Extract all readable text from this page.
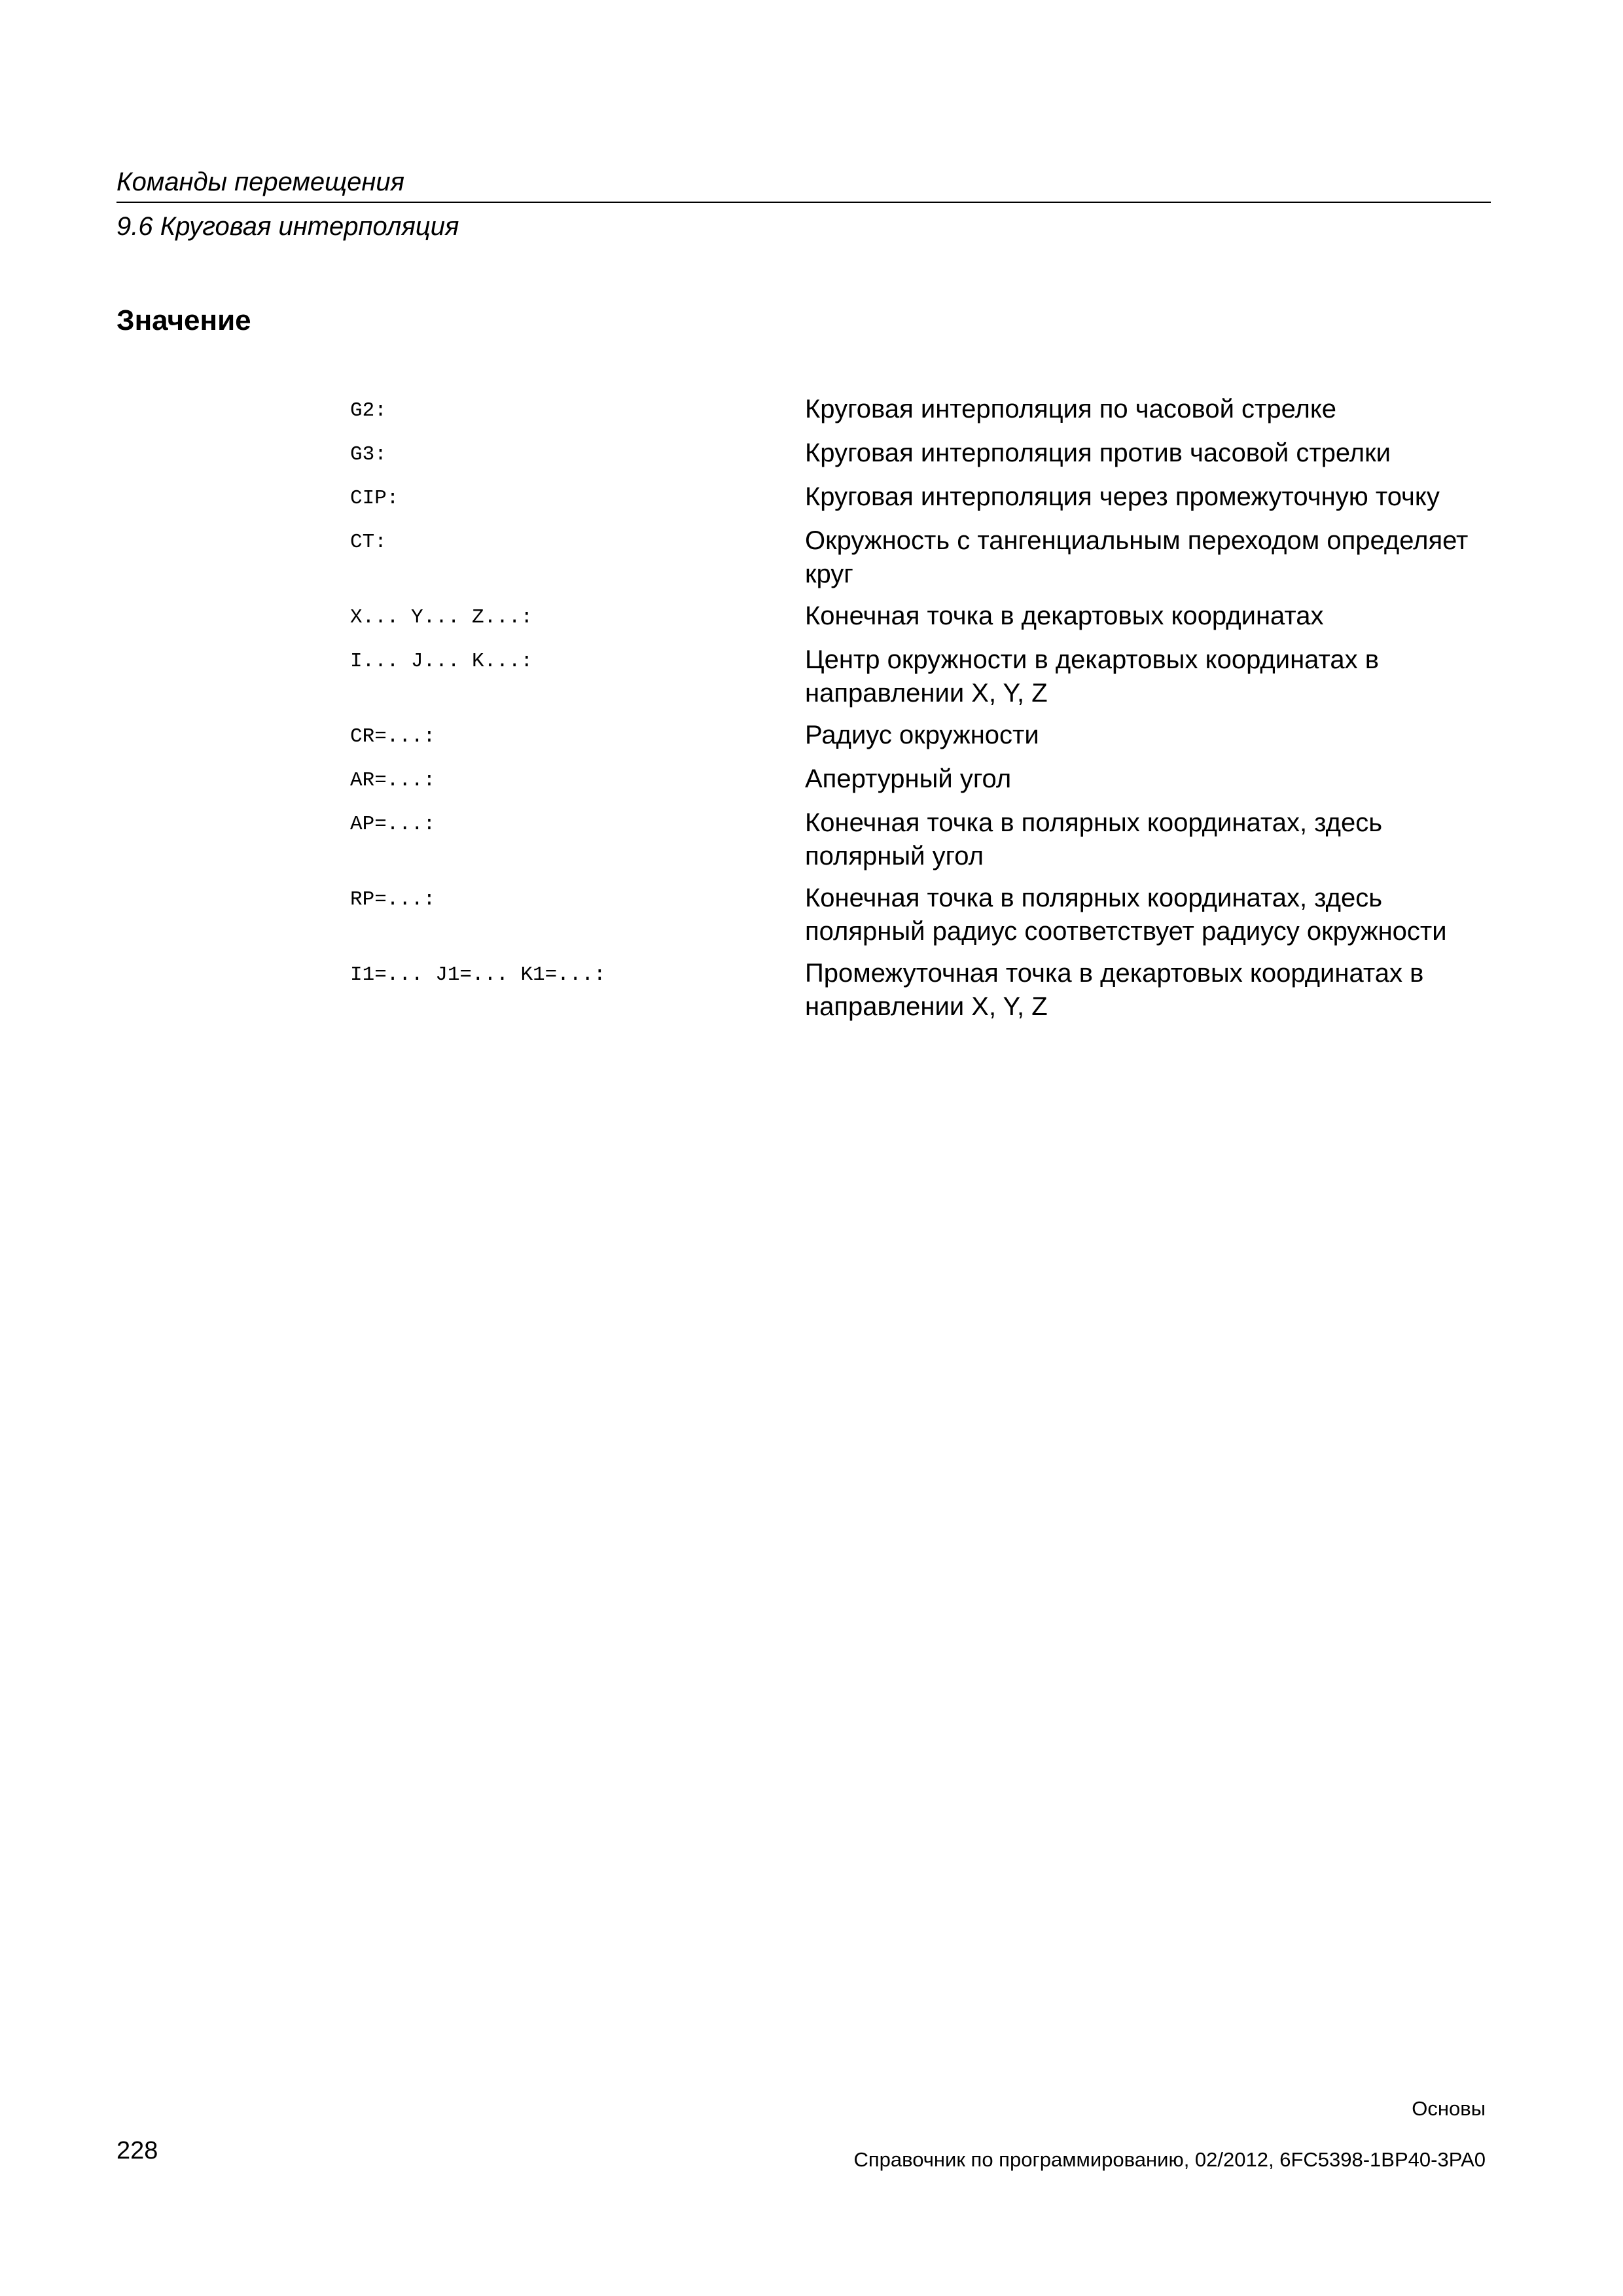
Команды перемещения
9.6 Круговая интерполяция
Значение
G2:	Круговая интерполяция по часовой стрелке
G3:	Круговая интерполяция против часовой стрелки
CIP:	Круговая интерполяция через промежуточную точку
CT:	Окружность с тангенциальным переходом определяет круг
X... Y... Z...:	Конечная точка в декартовых координатах
I... J... K...:	Центр окружности в декартовых координатах в направлении X, Y, Z
CR=...:	Радиус окружности
AR=...:	Апертурный угол
AP=...:	Конечная точка в полярных координатах, здесь полярный угол
RP=...:	Конечная точка в полярных координатах, здесь полярный радиус соответствует радиусу окружности
I1=... J1=... K1=...:	Промежуточная точка в декартовых координатах в направлении X, Y, Z
228
Основы
Справочник по программированию, 02/2012, 6FC5398-1BP40-3PA0
